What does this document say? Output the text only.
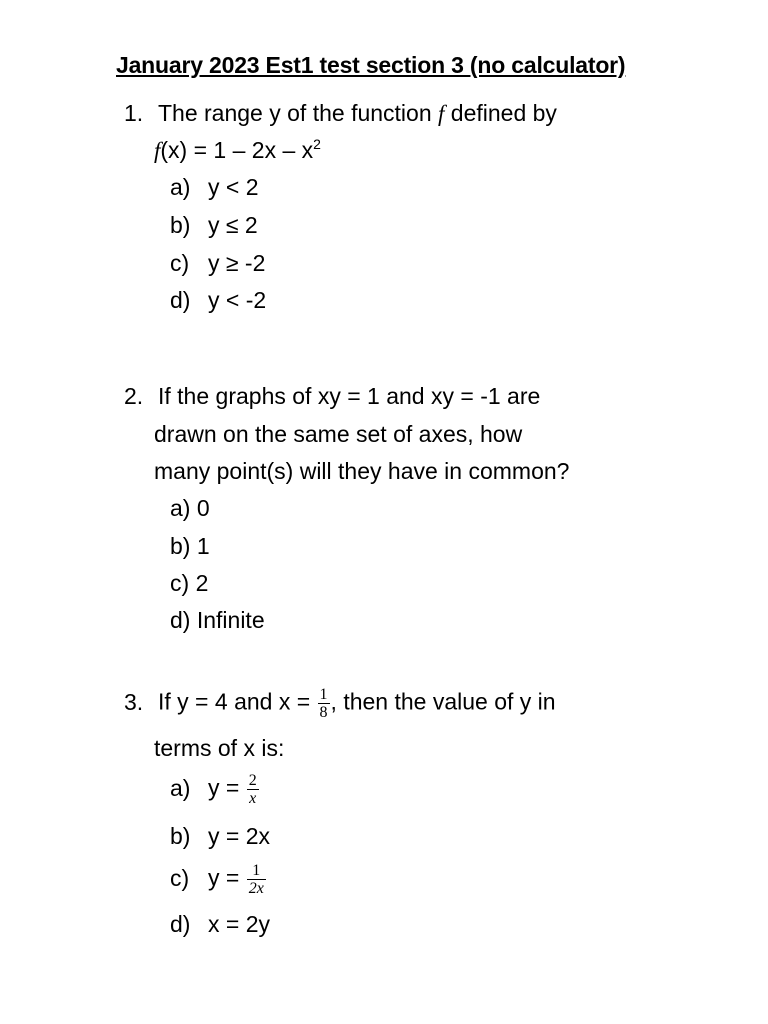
January 2023 Est1 test section 3 (no calculator)
1. The range y of the function f defined by
$f(x) = 1 - 2x - x^2$
a) y < 2
b) y ≤ 2
c) y ≥ -2
d) y < -2
2. If the graphs of xy = 1 and xy = -1 are
drawn on the same set of axes, how
many point(s) will they have in common?
a) 0
b) 1
c) 2
d) Infinite
3. If y = 4 and $x = \frac{1}{8}$ , then the value of y in
terms of x is:
a) $y = \frac{2}{x}$
b) y = 2x
c) $y = \frac{1}{2x}$
d) x = 2y
